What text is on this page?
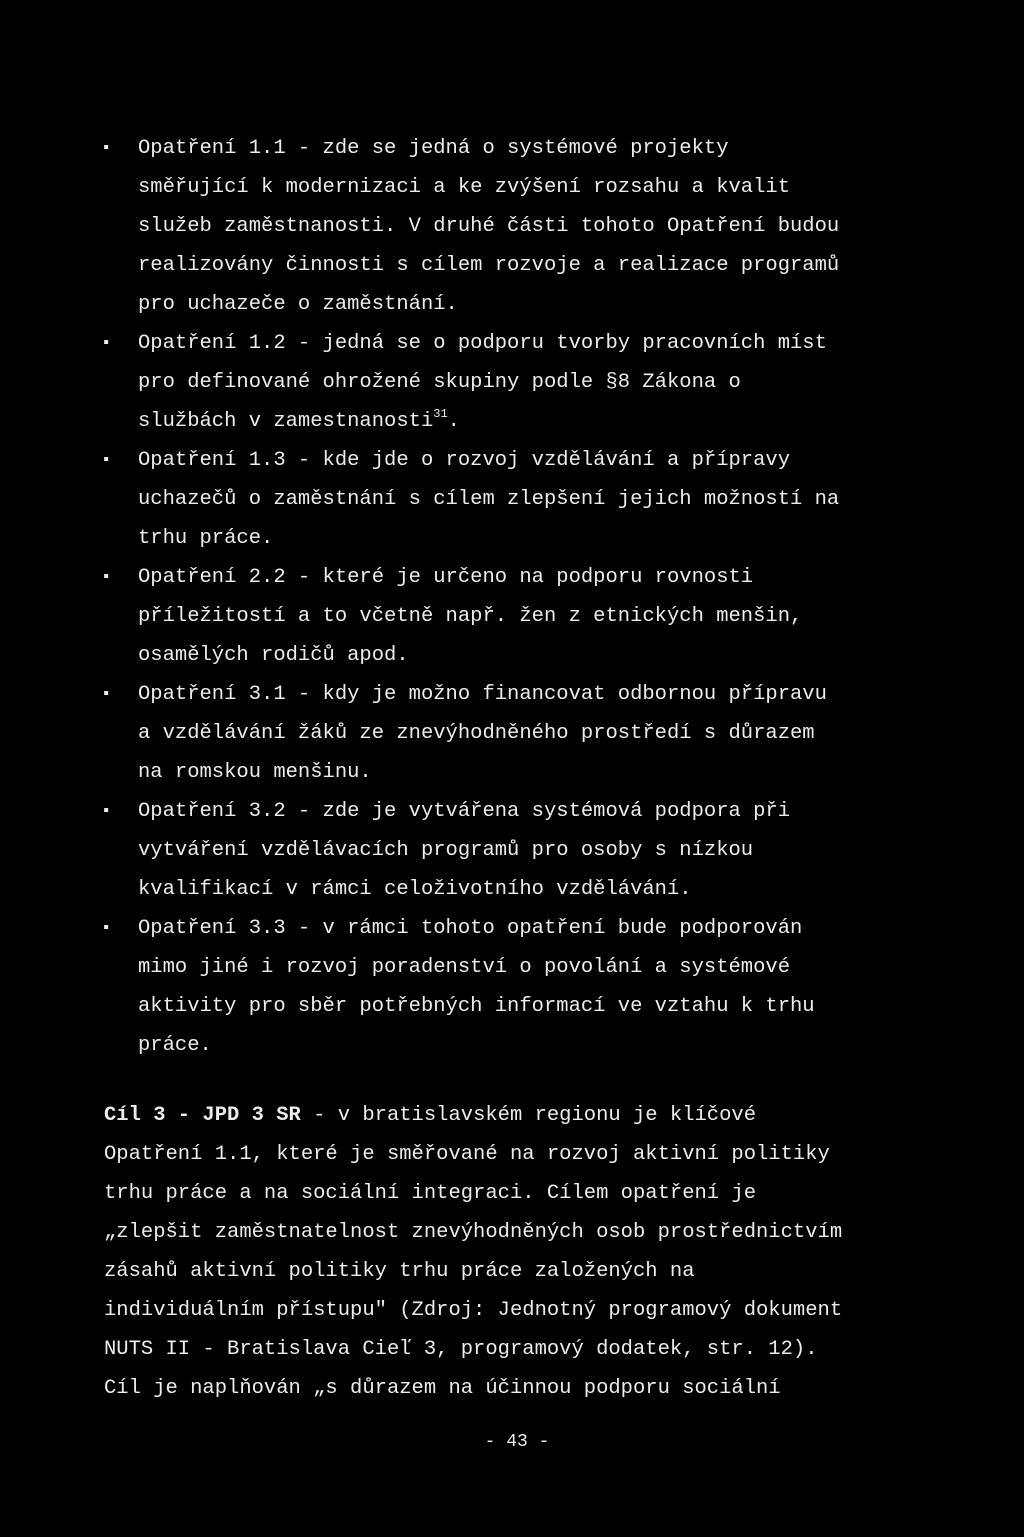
▪ Opatření 1.1 - zde se jedná o systémové projekty
směřující k modernizaci a ke zvýšení rozsahu a kvalit
služeb zaměstnanosti. V druhé části tohoto Opatření budou
realizovány činnosti s cílem rozvoje a realizace programů
pro uchazeče o zaměstnání.
▪ Opatření 1.2 - jedná se o podporu tvorby pracovních míst
pro definované ohrožené skupiny podle §8 Zákona o
službách v zamestnanosti$^{31}$.
▪ Opatření 1.3 - kde jde o rozvoj vzdělávání a přípravy
uchazečů o zaměstnání s cílem zlepšení jejich možností na
trhu práce.
▪ Opatření 2.2 - které je určeno na podporu rovnosti
příležitostí a to včetně např. žen z etnických menšin,
osamělých rodičů apod.
▪ Opatření 3.1 - kdy je možno financovat odbornou přípravu
a vzdělávání žáků ze znevýhodněného prostředí s důrazem
na romskou menšinu.
▪ Opatření 3.2 - zde je vytvářena systémová podpora při
vytváření vzdělávacích programů pro osoby s nízkou
kvalifikací v rámci celoživotního vzdělávání.
▪ Opatření 3.3 - v rámci tohoto opatření bude podporován
mimo jiné i rozvoj poradenství o povolání a systémové
aktivity pro sběr potřebných informací ve vztahu k trhu
práce.
Cíl 3 - JPD 3 SR - v bratislavském regionu je klíčové
Opatření 1.1, které je směřované na rozvoj aktivní politiky
trhu práce a na sociální integraci. Cílem opatření je
„zlepšit zaměstnatelnost znevýhodněných osob prostřednictvím
zásahů aktivní politiky trhu práce založených na
individuálním přístupu" (Zdroj: Jednotný programový dokument
NUTS II - Bratislava Cieľ 3, programový dodatek, str. 12).
Cíl je naplňován „s důrazem na účinnou podporu sociální
- 43 -
